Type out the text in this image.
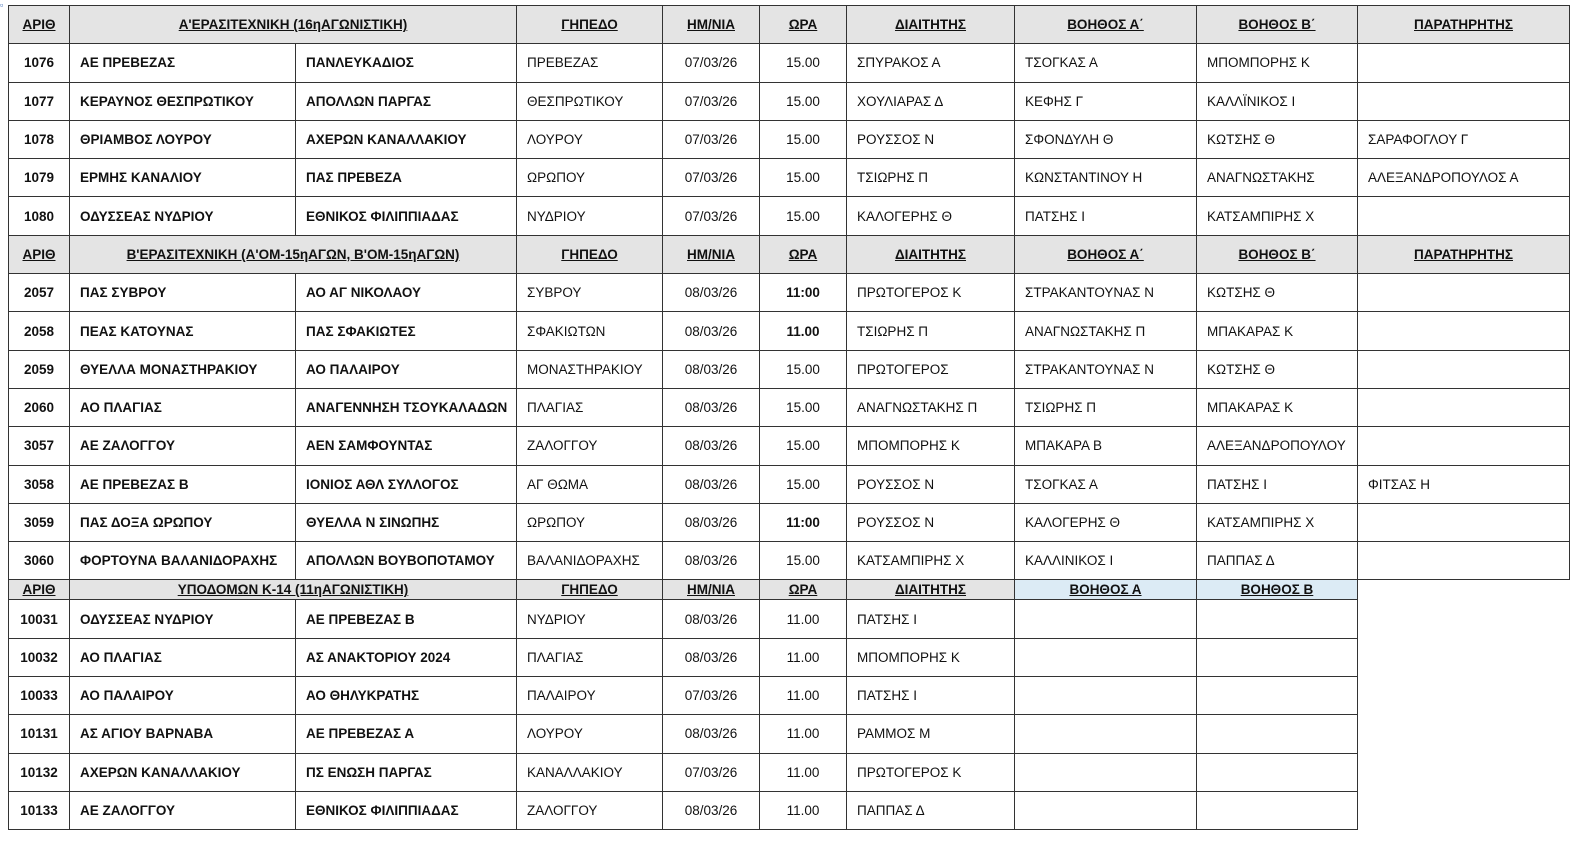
▫
ΑΡΙΘ	Α'ΕΡΑΣΙΤΕΧΝΙΚΗ (16ηΑΓΩΝΙΣΤΙΚΗ)		ΓΗΠΕΔΟ	ΗΜ/ΝΙΑ	ΩΡΑ	ΔΙΑΙΤΗΤΗΣ	ΒΟΗΘΟΣ Α΄	ΒΟΗΘΟΣ Β΄	ΠΑΡΑΤΗΡΗΤΗΣ
1076	ΑΕ ΠΡΕΒΕΖΑΣ	ΠΑΝΛΕΥΚΑΔΙΟΣ	ΠΡΕΒΕΖΑΣ	07/03/26	15.00	ΣΠΥΡΑΚΟΣ Α	ΤΣΟΓΚΑΣ Α	ΜΠΟΜΠΟΡΗΣ Κ	
1077	ΚΕΡΑΥΝΟΣ ΘΕΣΠΡΩΤΙΚΟΥ	ΑΠΟΛΛΩΝ ΠΑΡΓΑΣ	ΘΕΣΠΡΩΤΙΚΟΥ	07/03/26	15.00	ΧΟΥΛΙΑΡΑΣ Δ	ΚΕΦΗΣ Γ	ΚΑΛΛΪΝΙΚΟΣ Ι	
1078	ΘΡΙΑΜΒΟΣ ΛΟΥΡΟΥ	ΑΧΕΡΩΝ ΚΑΝΑΛΛΑΚΙΟΥ	ΛΟΥΡΟΥ	07/03/26	15.00	ΡΟΥΣΣΟΣ Ν	ΣΦΟΝΔΥΛΗ Θ	ΚΩΤΣΗΣ Θ	ΣΑΡΑΦΟΓΛΟΥ Γ
1079	ΕΡΜΗΣ ΚΑΝΑΛΙΟΥ	ΠΑΣ ΠΡΕΒΕΖΑ	ΩΡΩΠΟΥ	07/03/26	15.00	ΤΣΙΩΡΗΣ Π	ΚΩΝΣΤΑΝΤΙΝΟΥ Η	ΑΝΑΓΝΩΣΤΆΚΗΣ	ΑΛΕΞΑΝΔΡΟΠΟΥΛΟΣ Α
1080	ΟΔΥΣΣΕΑΣ ΝΥΔΡΙΟΥ	ΕΘΝΙΚΟΣ ΦΙΛΙΠΠΙΑΔΑΣ	ΝΥΔΡΙΟΥ	07/03/26	15.00	ΚΑΛΟΓΕΡΗΣ Θ	ΠΑΤΣΗΣ Ι	ΚΑΤΣΑΜΠΙΡΗΣ Χ	
ΑΡΙΘ	Β'ΕΡΑΣΙΤΕΧΝΙΚΗ (Α'ΟΜ-15ηΑΓΩΝ, Β'ΟΜ-15ηΑΓΩΝ)		ΓΗΠΕΔΟ	ΗΜ/ΝΙΑ	ΩΡΑ	ΔΙΑΙΤΗΤΗΣ	ΒΟΗΘΟΣ Α΄	ΒΟΗΘΟΣ Β΄	ΠΑΡΑΤΗΡΗΤΗΣ
2057	ΠΑΣ ΣΥΒΡΟΥ	ΑΟ ΑΓ ΝΙΚΟΛΑΟΥ	ΣΥΒΡΟΥ	08/03/26	11:00	ΠΡΩΤΟΓΕΡΟΣ Κ	ΣΤΡΑΚΑΝΤΟΥΝΑΣ Ν	ΚΩΤΣΗΣ Θ	
2058	ΠΕΑΣ ΚΑΤΟΥΝΑΣ	ΠΑΣ ΣΦΑΚΙΩΤΕΣ	ΣΦΑΚΙΩΤΩΝ	08/03/26	11.00	ΤΣΙΩΡΗΣ Π	ΑΝΑΓΝΩΣΤΑΚΗΣ Π	ΜΠΑΚΑΡΑΣ Κ	
2059	ΘΥΕΛΛΑ ΜΟΝΑΣΤΗΡΑΚΙΟΥ	ΑΟ ΠΑΛΑΙΡΟΥ	ΜΟΝΑΣΤΗΡΑΚΙΟΥ	08/03/26	15.00	ΠΡΩΤΟΓΕΡΟΣ	ΣΤΡΑΚΑΝΤΟΥΝΑΣ Ν	ΚΩΤΣΗΣ Θ	
2060	ΑΟ ΠΛΑΓΙΑΣ	ΑΝΑΓΕΝΝΗΣΗ ΤΣΟΥΚΑΛΑΔΩΝ	ΠΛΑΓΙΑΣ	08/03/26	15.00	ΑΝΑΓΝΩΣΤΑΚΗΣ Π	ΤΣΙΩΡΗΣ Π	ΜΠΑΚΑΡΑΣ Κ	
3057	ΑΕ ΖΑΛΟΓΓΟΥ	ΑΕΝ ΣΑΜΦΟΥΝΤΑΣ	ΖΑΛΟΓΓΟΥ	08/03/26	15.00	ΜΠΟΜΠΟΡΗΣ Κ	ΜΠΑΚΑΡΑ Β	ΑΛΕΞΑΝΔΡΟΠΟΥΛΟΥ	
3058	ΑΕ ΠΡΕΒΕΖΑΣ Β	ΙΟΝΙΟΣ ΑΘΛ ΣΥΛΛΟΓΟΣ	ΑΓ ΘΩΜΑ	08/03/26	15.00	ΡΟΥΣΣΟΣ Ν	ΤΣΟΓΚΑΣ Α	ΠΑΤΣΗΣ Ι	ΦΙΤΣΑΣ Η
3059	ΠΑΣ ΔΟΞΑ ΩΡΩΠΟΥ	ΘΥΕΛΛΑ Ν ΣΙΝΩΠΗΣ	ΩΡΩΠΟΥ	08/03/26	11:00	ΡΟΥΣΣΟΣ Ν	ΚΑΛΟΓΕΡΗΣ Θ	ΚΑΤΣΑΜΠΙΡΗΣ Χ	
3060	ΦΟΡΤΟΥΝΑ ΒΑΛΑΝΙΔΟΡΑΧΗΣ	ΑΠΟΛΛΩΝ ΒΟΥΒΟΠΟΤΑΜΟΥ	ΒΑΛΑΝΙΔΟΡΑΧΗΣ	08/03/26	15.00	ΚΑΤΣΑΜΠΙΡΗΣ Χ	ΚΑΛΛΙΝΙΚΟΣ Ι	ΠΑΠΠΑΣ Δ	
ΑΡΙΘ	ΥΠΟΔΟΜΩΝ Κ-14 (11ηΑΓΩΝΙΣΤΙΚΗ)		ΓΗΠΕΔΟ	ΗΜ/ΝΙΑ	ΩΡΑ	ΔΙΑΙΤΗΤΗΣ	ΒΟΗΘΟΣ Α	ΒΟΗΘΟΣ Β	
10031	ΟΔΥΣΣΕΑΣ ΝΥΔΡΙΟΥ	ΑΕ ΠΡΕΒΕΖΑΣ Β	ΝΥΔΡΙΟΥ	08/03/26	11.00	ΠΑΤΣΗΣ Ι			
10032	ΑΟ ΠΛΑΓΙΑΣ	ΑΣ ΑΝΑΚΤΟΡΙΟΥ 2024	ΠΛΑΓΙΑΣ	08/03/26	11.00	ΜΠΟΜΠΟΡΗΣ Κ			
10033	ΑΟ ΠΑΛΑΙΡΟΥ	ΑΟ ΘΗΛΥΚΡΑΤΗΣ	ΠΑΛΑΙΡΟΥ	07/03/26	11.00	ΠΑΤΣΗΣ Ι			
10131	ΑΣ ΑΓΙΟΥ ΒΑΡΝΑΒΑ	ΑΕ ΠΡΕΒΕΖΑΣ Α	ΛΟΥΡΟΥ	08/03/26	11.00	ΡΑΜΜΟΣ Μ			
10132	ΑΧΕΡΩΝ ΚΑΝΑΛΛΑΚΙΟΥ	ΠΣ ΕΝΩΣΗ ΠΑΡΓΑΣ	ΚΑΝΑΛΛΑΚΙΟΥ	07/03/26	11.00	ΠΡΩΤΟΓΕΡΟΣ Κ			
10133	ΑΕ ΖΑΛΟΓΓΟΥ	ΕΘΝΙΚΟΣ ΦΙΛΙΠΠΙΑΔΑΣ	ΖΑΛΟΓΓΟΥ	08/03/26	11.00	ΠΑΠΠΑΣ Δ			
